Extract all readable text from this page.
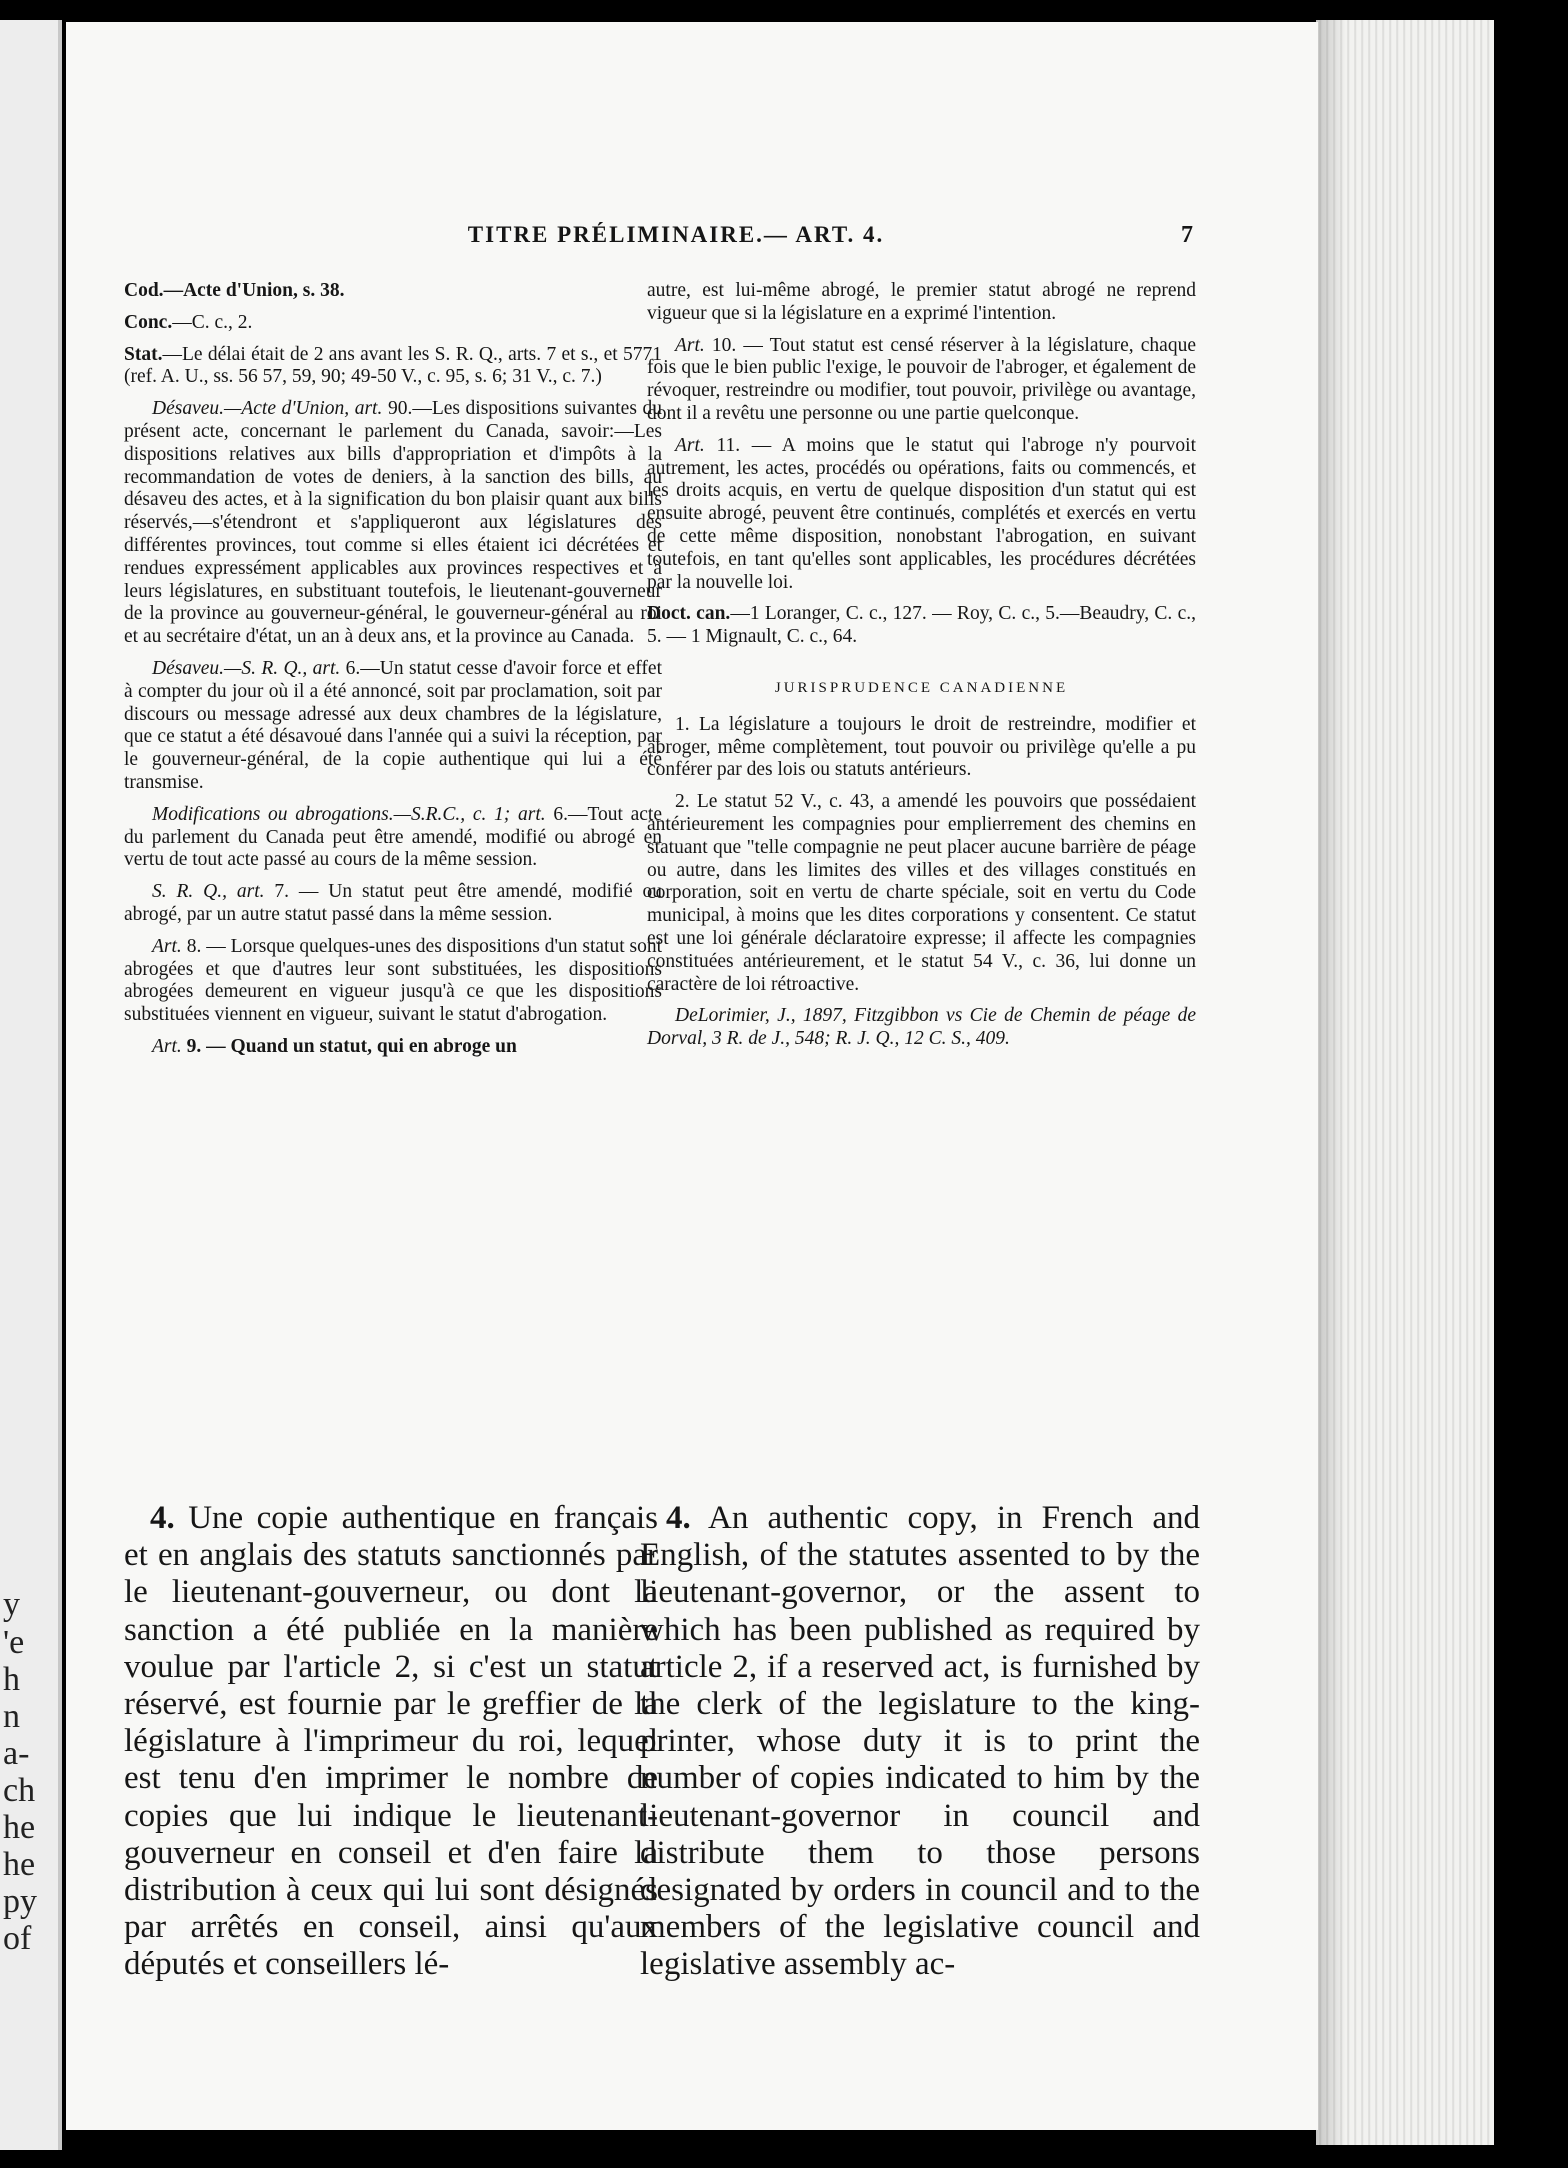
y
'e
h
n
a-
ch
he
he
py
of
TITRE PRÉLIMINAIRE.— ART. 4.	7

Cod.—Acte d'Union, s. 38.

Conc.—C. c., 2.

Stat.—Le délai était de 2 ans avant les S. R. Q., arts. 7 et s., et 5771 (ref. A. U., ss. 56 57, 59, 90; 49-50 V., c. 95, s. 6; 31 V., c. 7.)

Désaveu.—Acte d'Union, art. 90.—Les dispositions suivantes du présent acte, concernant le parlement du Canada, savoir:—Les dispositions relatives aux bills d'appropriation et d'impôts à la recommandation de votes de deniers, à la sanction des bills, au désaveu des actes, et à la signification du bon plaisir quant aux bills réservés,—s'étendront et s'appliqueront aux législatures des différentes provinces, tout comme si elles étaient ici décrétées et rendues expressément applicables aux provinces respectives et à leurs législatures, en substituant toutefois, le lieutenant-gouverneur de la province au gouverneur-général, le gouverneur-général au roi et au secrétaire d'état, un an à deux ans, et la province au Canada.

Désaveu.—S. R. Q., art. 6.—Un statut cesse d'avoir force et effet à compter du jour où il a été annoncé, soit par proclamation, soit par discours ou message adressé aux deux chambres de la législature, que ce statut a été désavoué dans l'année qui a suivi la réception, par le gouverneur-général, de la copie authentique qui lui a été transmise.

Modifications ou abrogations.—S.R.C., c. 1; art. 6.—Tout acte du parlement du Canada peut être amendé, modifié ou abrogé en vertu de tout acte passé au cours de la même session.

S. R. Q., art. 7. — Un statut peut être amendé, modifié ou abrogé, par un autre statut passé dans la même session.

Art. 8. — Lorsque quelques-unes des dispositions d'un statut sont abrogées et que d'autres leur sont substituées, les dispositions abrogées demeurent en vigueur jusqu'à ce que les dispositions substituées viennent en vigueur, suivant le statut d'abrogation.

Art. 9. — Quand un statut, qui en abroge un

autre, est lui-même abrogé, le premier statut abrogé ne reprend vigueur que si la législature en a exprimé l'intention.

Art. 10. — Tout statut est censé réserver à la législature, chaque fois que le bien public l'exige, le pouvoir de l'abroger, et également de révoquer, restreindre ou modifier, tout pouvoir, privilège ou avantage, dont il a revêtu une personne ou une partie quelconque.

Art. 11. — A moins que le statut qui l'abroge n'y pourvoit autrement, les actes, procédés ou opérations, faits ou commencés, et les droits acquis, en vertu de quelque disposition d'un statut qui est ensuite abrogé, peuvent être continués, complétés et exercés en vertu de cette même disposition, nonobstant l'abrogation, en suivant toutefois, en tant qu'elles sont applicables, les procédures décrétées par la nouvelle loi.

Doct. can.—1 Loranger, C. c., 127. — Roy, C. c., 5.—Beaudry, C. c., 5. — 1 Mignault, C. c., 64.

JURISPRUDENCE CANADIENNE

1. La législature a toujours le droit de restreindre, modifier et abroger, même complètement, tout pouvoir ou privilège qu'elle a pu conférer par des lois ou statuts antérieurs.

2. Le statut 52 V., c. 43, a amendé les pouvoirs que possédaient antérieurement les compagnies pour emplierrement des chemins en statuant que "telle compagnie ne peut placer aucune barrière de péage ou autre, dans les limites des villes et des villages constitués en corporation, soit en vertu de charte spéciale, soit en vertu du Code municipal, à moins que les dites corporations y consentent. Ce statut est une loi générale déclaratoire expresse; il affecte les compagnies constituées antérieurement, et le statut 54 V., c. 36, lui donne un caractère de loi rétroactive.

DeLorimier, J., 1897, Fitzgibbon vs Cie de Chemin de péage de Dorval, 3 R. de J., 548; R. J. Q., 12 C. S., 409.

4. Une copie authentique en français et en anglais des statuts sanctionnés par le lieutenant-gouverneur, ou dont la sanction a été publiée en la manière voulue par l'article 2, si c'est un statut réservé, est fournie par le greffier de la législature à l'imprimeur du roi, lequel est tenu d'en imprimer le nombre de copies que lui indique le lieutenant-gouverneur en conseil et d'en faire la distribution à ceux qui lui sont désignés par arrêtés en conseil, ainsi qu'aux députés et conseillers lé-

4. An authentic copy, in French and English, of the statutes assented to by the lieutenant-governor, or the assent to which has been published as required by article 2, if a reserved act, is furnished by the clerk of the legislature to the king-printer, whose duty it is to print the number of copies indicated to him by the lieutenant-governor in council and distribute them to those persons designated by orders in council and to the members of the legislative council and legislative assembly ac-
